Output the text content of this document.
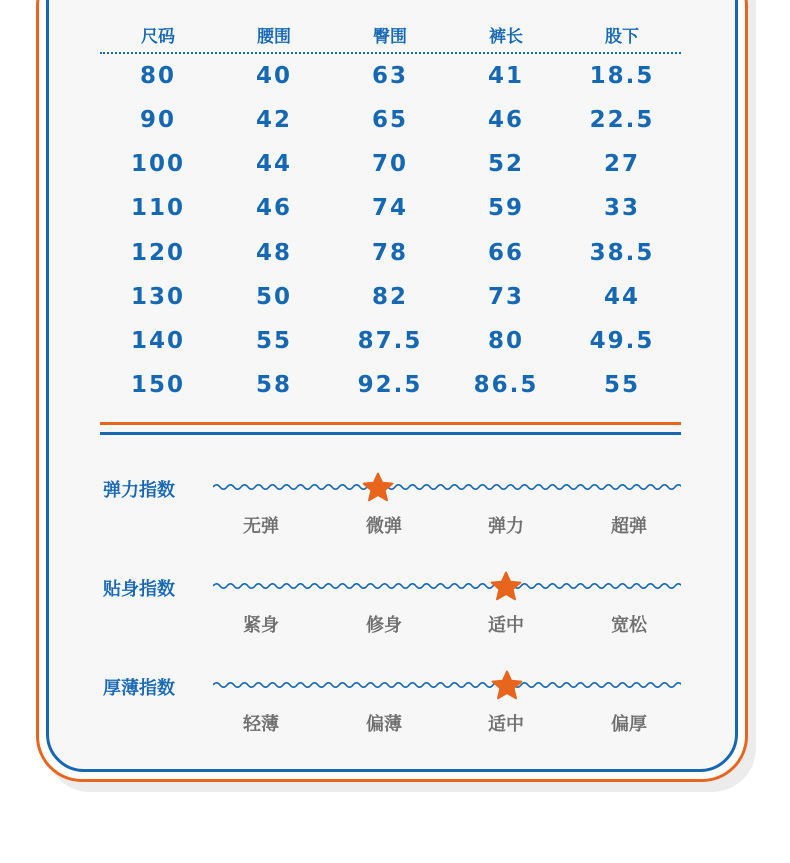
尺码	腰围	臀围	裤长	股下
80	40	63	41	18.5
90	42	65	46	22.5
100	44	70	52	27
110	46	74	59	33
120	48	78	66	38.5
130	50	82	73	44
140	55	87.5	80	49.5
150	58	92.5	86.5	55
弹力指数
无弹	微弹	弹力	超弹
贴身指数
紧身	修身	适中	宽松
厚薄指数
轻薄	偏薄	适中	偏厚
